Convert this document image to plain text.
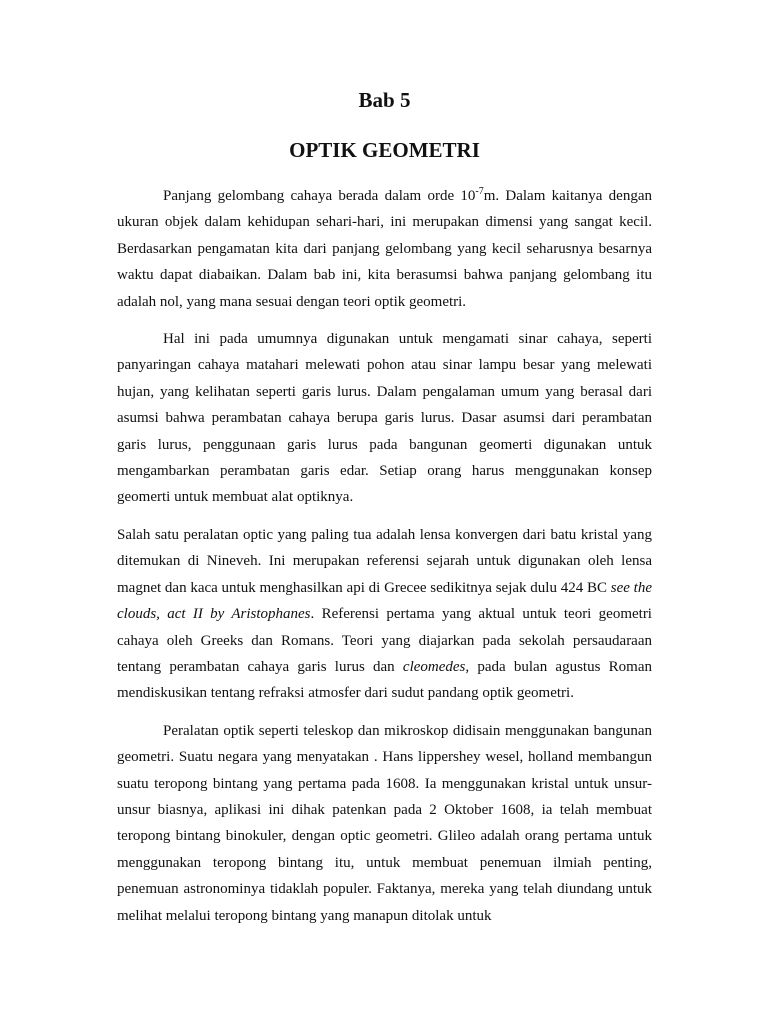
Bab 5
OPTIK GEOMETRI

Panjang gelombang cahaya berada dalam orde $10^{-7}m$. Dalam kaitanya dengan ukuran objek dalam kehidupan sehari-hari, ini merupakan dimensi yang sangat kecil. Berdasarkan pengamatan kita dari panjang gelombang yang kecil seharusnya besarnya waktu dapat diabaikan. Dalam bab ini, kita berasumsi bahwa panjang gelombang itu adalah nol, yang mana sesuai dengan teori optik geometri.

Hal ini pada umumnya digunakan untuk mengamati sinar cahaya, seperti panyaringan cahaya matahari melewati pohon atau sinar lampu besar yang melewati hujan, yang kelihatan seperti garis lurus. Dalam pengalaman umum yang berasal dari asumsi bahwa perambatan cahaya berupa garis lurus. Dasar asumsi dari perambatan garis lurus, penggunaan garis lurus pada bangunan geomerti digunakan untuk mengambarkan perambatan garis edar. Setiap orang harus menggunakan konsep geomerti untuk membuat alat optiknya.

Salah satu peralatan optic yang paling tua adalah lensa konvergen dari batu kristal yang ditemukan di Nineveh. Ini merupakan referensi sejarah untuk digunakan oleh lensa magnet dan kaca untuk menghasilkan api di Grecee sedikitnya sejak dulu 424 BC see the clouds, act II by Aristophanes. Referensi pertama yang aktual untuk teori geometri cahaya oleh Greeks dan Romans. Teori yang diajarkan pada sekolah persaudaraan tentang perambatan cahaya garis lurus dan cleomedes, pada bulan agustus Roman mendiskusikan tentang refraksi atmosfer dari sudut pandang optik geometri.

Peralatan optik seperti teleskop dan mikroskop didisain menggunakan bangunan geometri. Suatu negara yang menyatakan . Hans lippershey wesel, holland membangun suatu teropong bintang yang pertama pada 1608. Ia menggunakan kristal untuk unsur-unsur biasnya, aplikasi ini dihak patenkan pada 2 Oktober 1608, ia telah membuat teropong bintang binokuler, dengan optic geometri. Glileo adalah orang pertama untuk menggunakan teropong bintang itu, untuk membuat penemuan ilmiah penting, penemuan astronominya tidaklah populer. Faktanya, mereka yang telah diundang untuk melihat melalui teropong bintang yang manapun ditolak untuk
